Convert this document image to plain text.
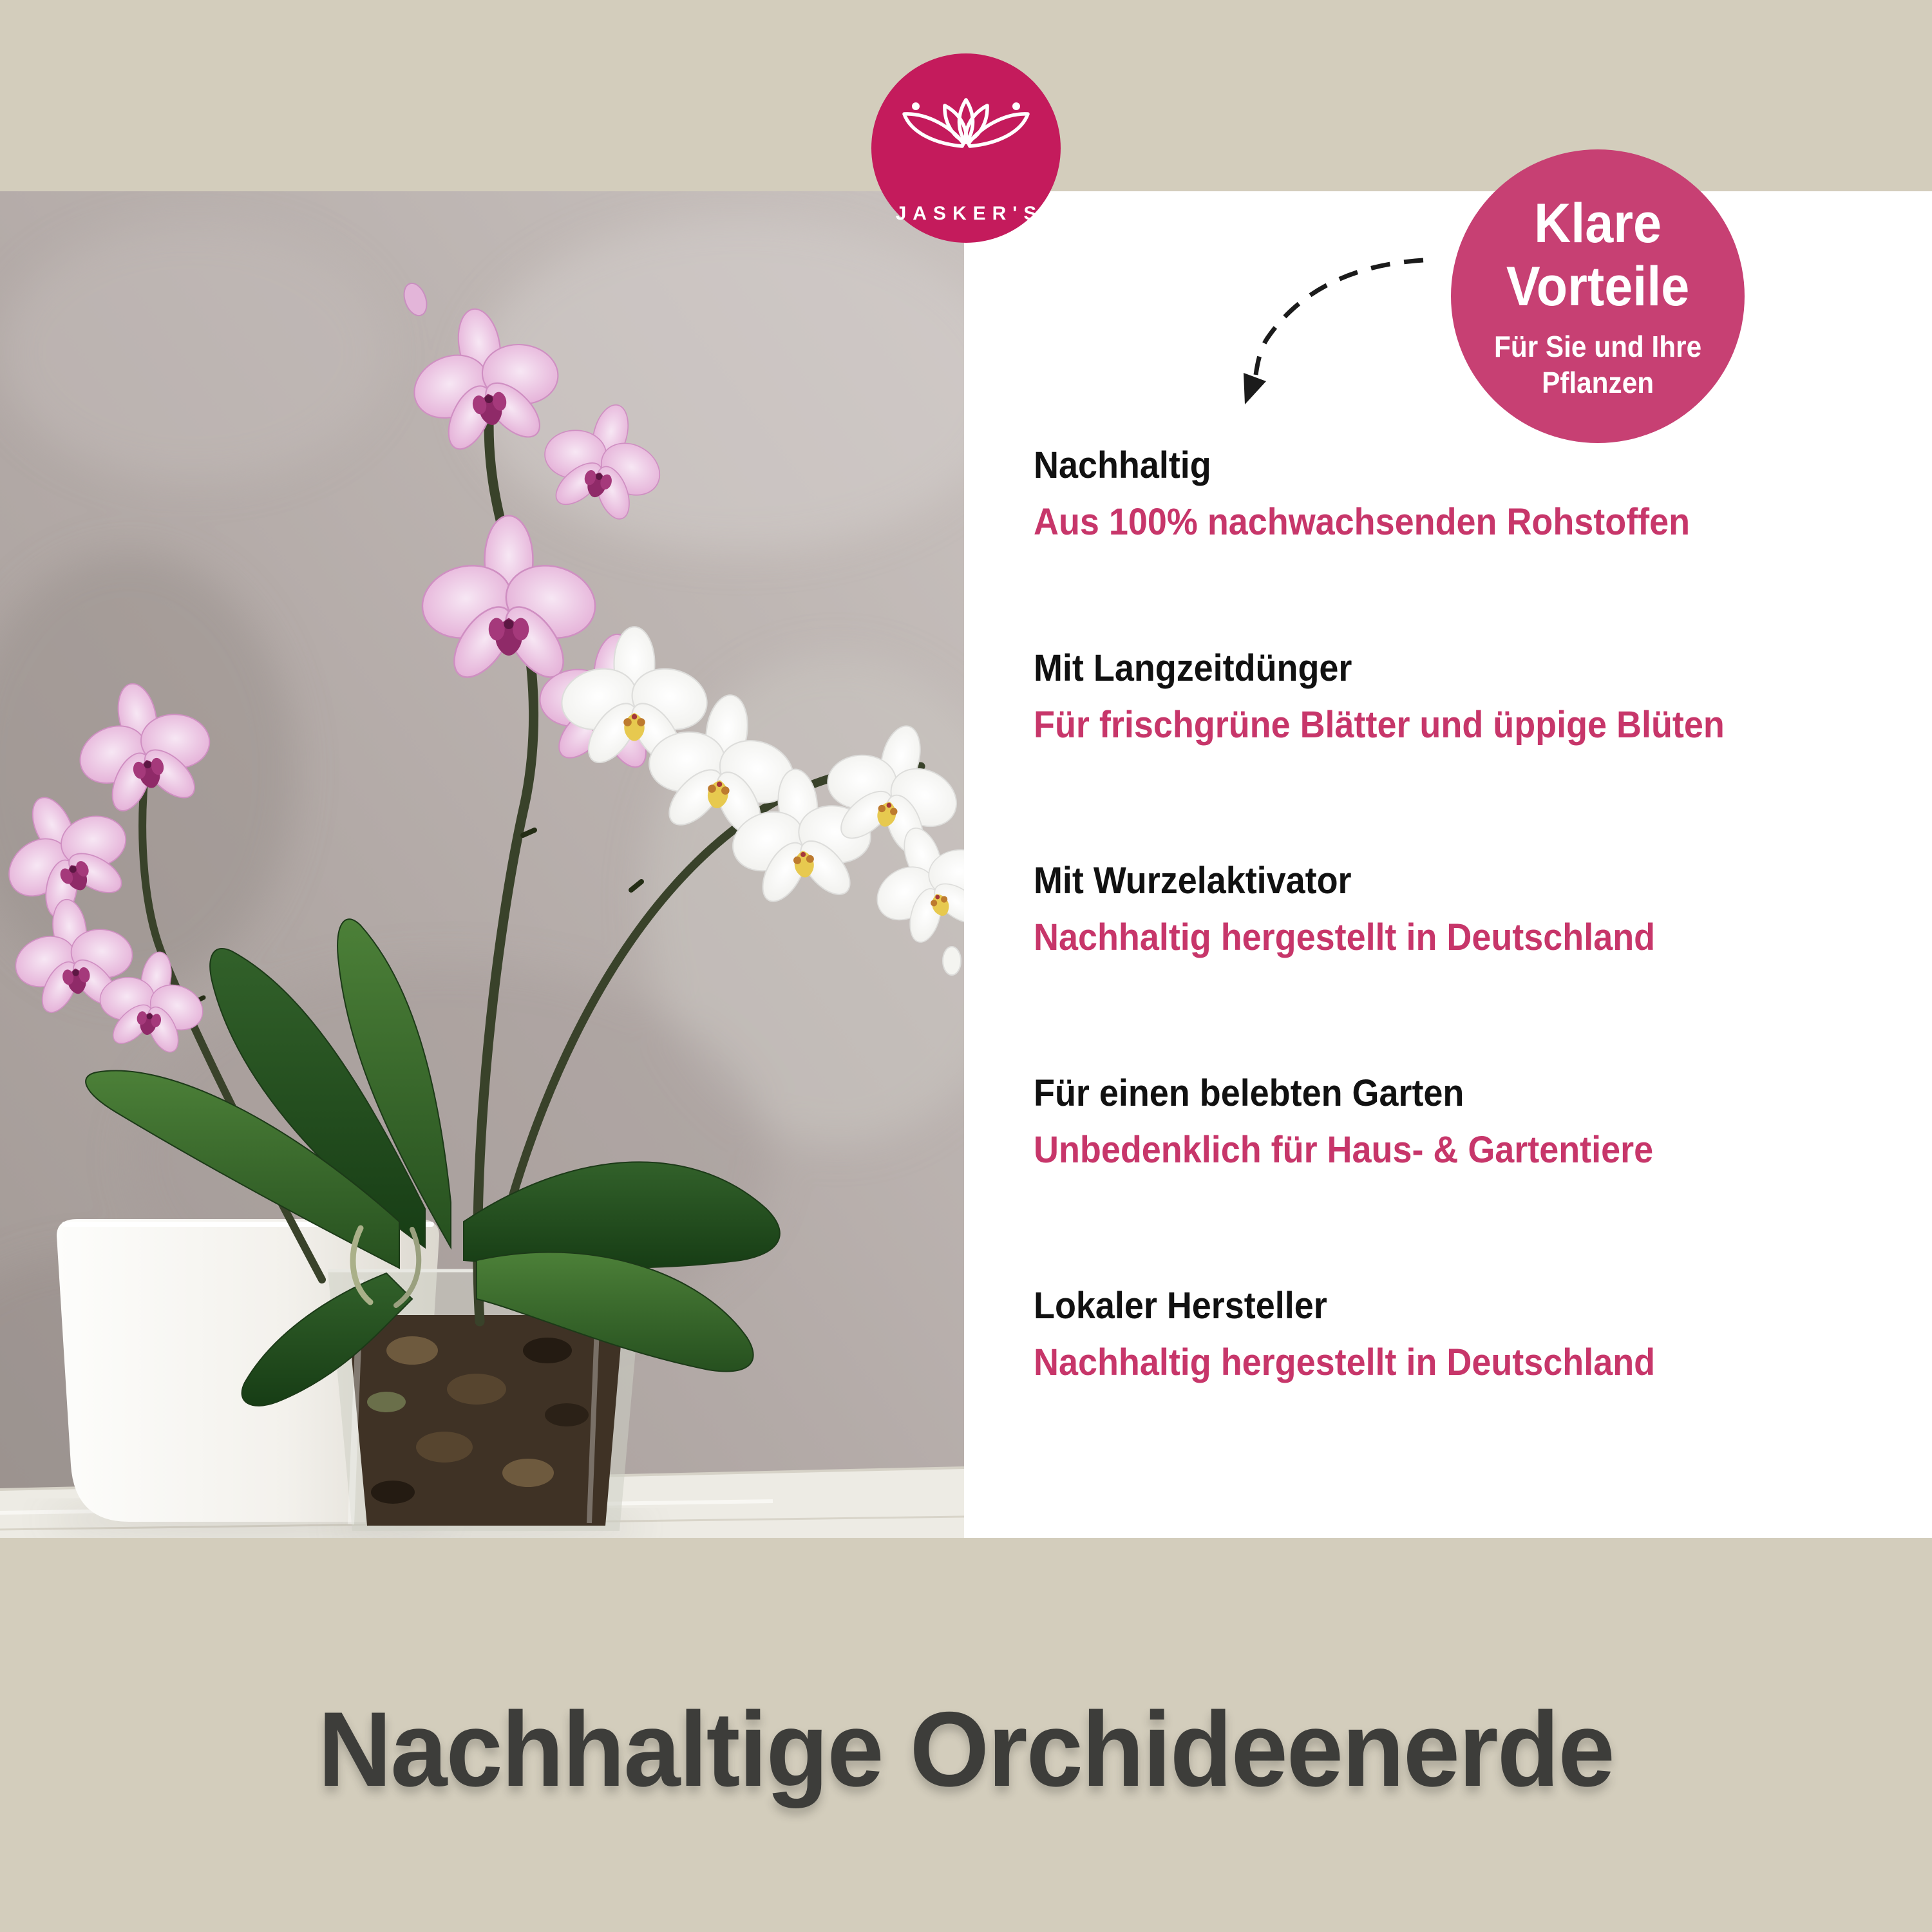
JASKER'S	Klare
Vorteile
Für Sie und Ihre
Pflanzen
Nachhaltig
Aus 100% nachwachsenden Rohstoffen
Mit Langzeitdünger
Für frischgrüne Blätter und üppige Blüten
Mit Wurzelaktivator
Nachhaltig hergestellt in Deutschland
Für einen belebten Garten
Unbedenklich für Haus- & Gartentiere
Lokaler Hersteller
Nachhaltig hergestellt in Deutschland
Nachhaltige Orchideenerde
